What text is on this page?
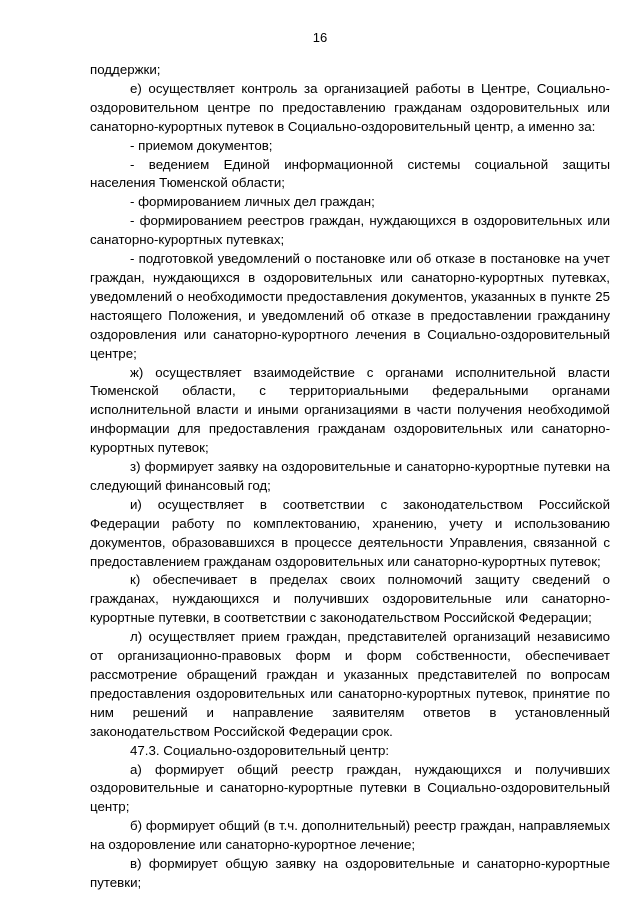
16

поддержки;

е) осуществляет контроль за организацией работы в Центре, Социально-оздоровительном центре по предоставлению гражданам оздоровительных или санаторно-курортных путевок в Социально-оздоровительный центр, а именно за:

- приемом документов;

- ведением Единой информационной системы социальной защиты населения Тюменской области;

- формированием личных дел граждан;

- формированием реестров граждан, нуждающихся в оздоровительных или санаторно-курортных путевках;

- подготовкой уведомлений о постановке или об отказе в постановке на учет граждан, нуждающихся в оздоровительных или санаторно-курортных путевках, уведомлений о необходимости предоставления документов, указанных в пункте 25 настоящего Положения, и уведомлений об отказе в предоставлении гражданину оздоровления или санаторно-курортного лечения в Социально-оздоровительный центре;

ж) осуществляет взаимодействие с органами исполнительной власти Тюменской области, с территориальными федеральными органами исполнительной власти и иными организациями в части получения необходимой информации для предоставления гражданам оздоровительных или санаторно-курортных путевок;

з) формирует заявку на оздоровительные и санаторно-курортные путевки на следующий финансовый год;

и) осуществляет в соответствии с законодательством Российской Федерации работу по комплектованию, хранению, учету и использованию документов, образовавшихся в процессе деятельности Управления, связанной с предоставлением гражданам оздоровительных или санаторно-курортных путевок;

к) обеспечивает в пределах своих полномочий защиту сведений о гражданах, нуждающихся и получивших оздоровительные или санаторно-курортные путевки, в соответствии с законодательством Российской Федерации;

л) осуществляет прием граждан, представителей организаций независимо от организационно-правовых форм и форм собственности, обеспечивает рассмотрение обращений граждан и указанных представителей по вопросам предоставления оздоровительных или санаторно-курортных путевок, принятие по ним решений и направление заявителям ответов в установленный законодательством Российской Федерации срок.

47.3. Социально-оздоровительный центр:

а) формирует общий реестр граждан, нуждающихся и получивших оздоровительные и санаторно-курортные путевки в Социально-оздоровительный центр;

б) формирует общий (в т.ч. дополнительный) реестр граждан, направляемых на оздоровление или санаторно-курортное лечение;

в) формирует общую заявку на оздоровительные и санаторно-курортные путевки;
